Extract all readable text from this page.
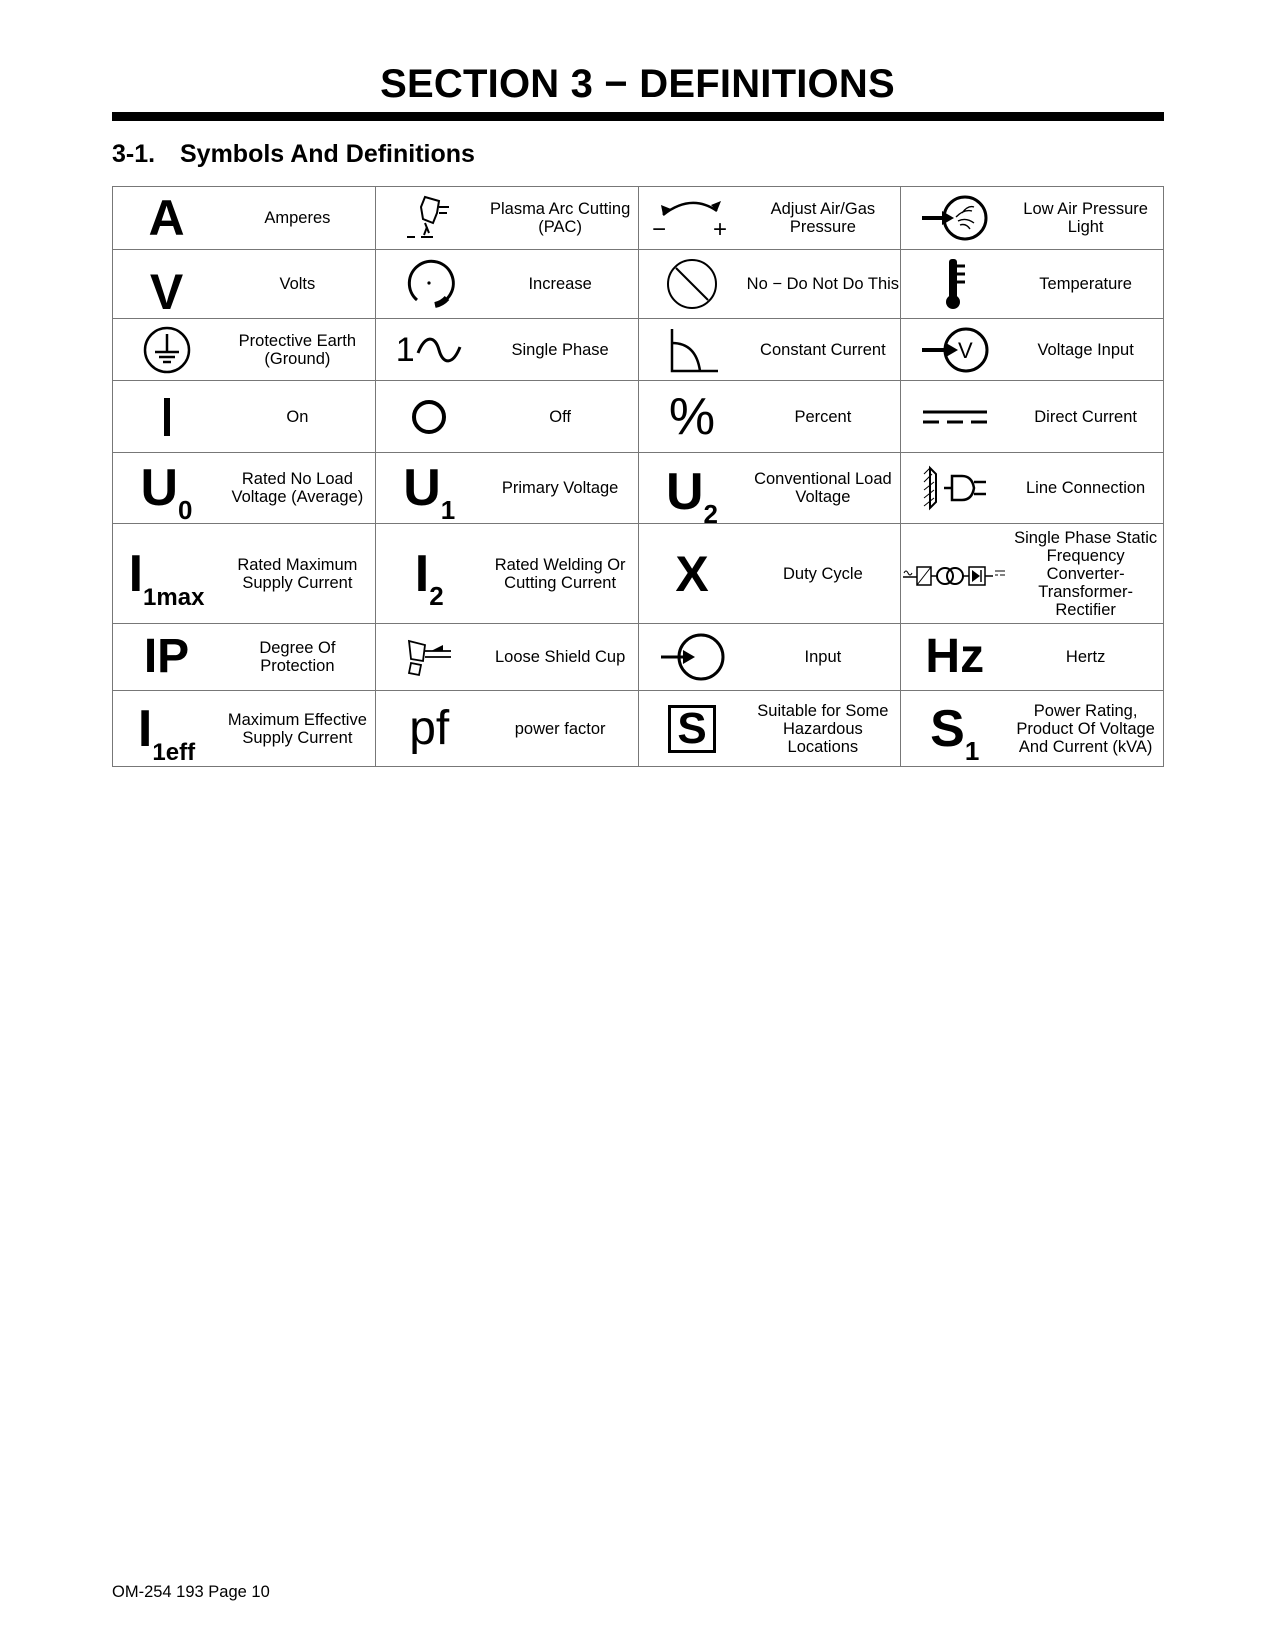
SECTION 3 − DEFINITIONS
3-1. Symbols And Definitions
A	Amperes		Plasma Arc Cutting (PAC)	− +	Adjust Air/Gas Pressure		Low Air Pressure Light

V	Volts		Increase		No − Do Not Do This		Temperature

	Protective Earth (Ground)	1	Single Phase		Constant Current	V	Voltage Input

	On		Off	%	Percent		Direct Current

$U_0$	Rated No Load Voltage (Average)	$U_1$	Primary Voltage	$U_2$	Conventional Load Voltage		Line Connection

$I_{1max}$	Rated Maximum Supply Current	$I_2$	Rated Welding Or Cutting Current	X	Duty Cycle		Single Phase Static Frequency Converter-Transformer-Rectifier

IP	Degree Of Protection		Loose Shield Cup		Input	Hz	Hertz

$I_{1eff}$	Maximum Effective Supply Current	pf	power factor	S	Suitable for Some Hazardous Locations	$S_1$	Power Rating, Product Of Voltage And Current (kVA)
OM-254 193 Page 10
